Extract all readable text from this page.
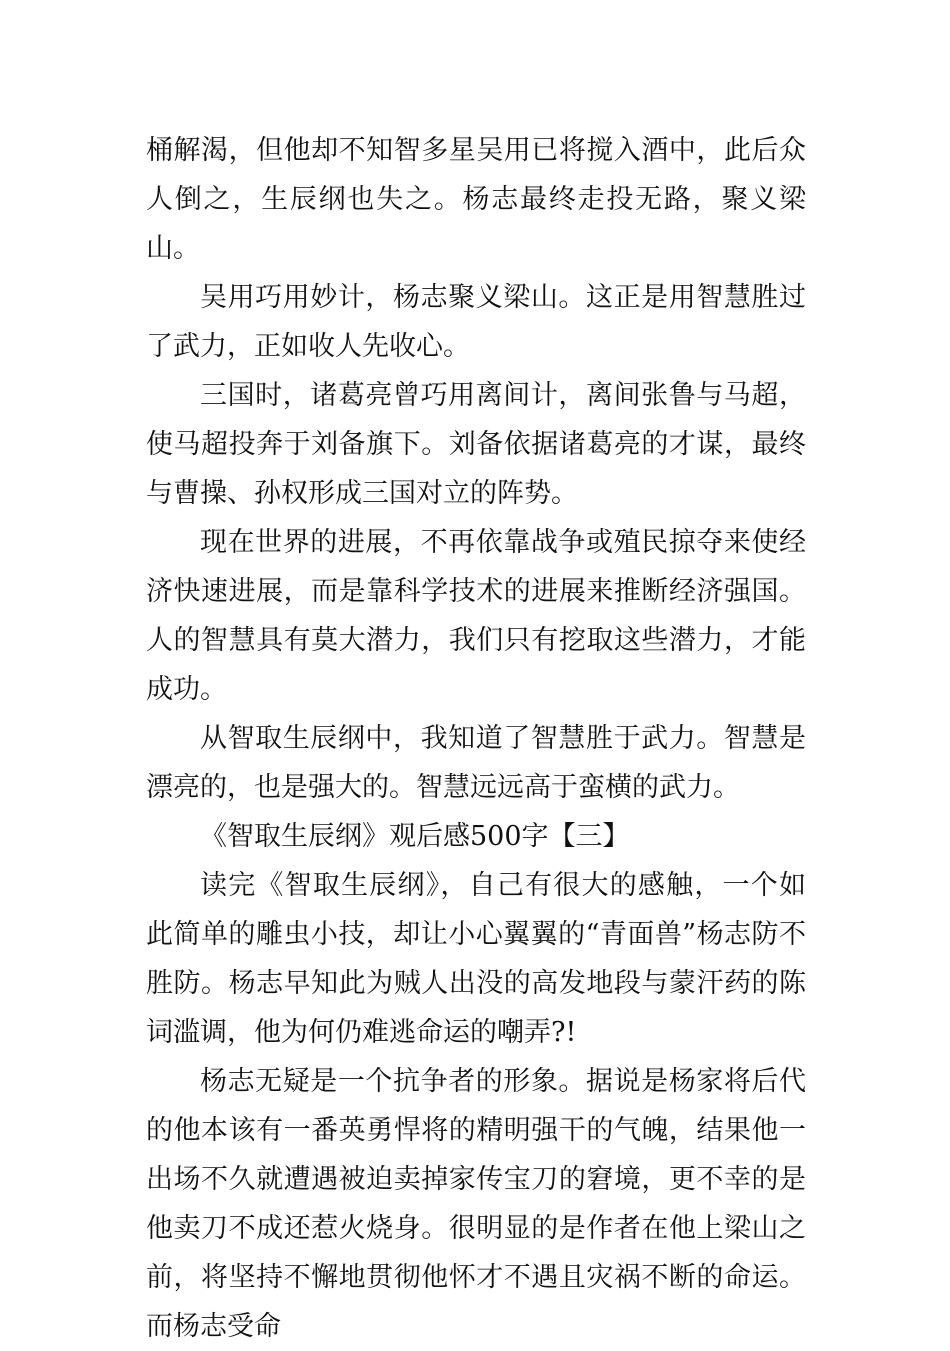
桶解渴，但他却不知智多星吴用已将搅入酒中，此后众人倒之，生辰纲也失之。杨志最终走投无路，聚义梁山。

吴用巧用妙计，杨志聚义梁山。这正是用智慧胜过了武力，正如收人先收心。

三国时，诸葛亮曾巧用离间计，离间张鲁与马超，使马超投奔于刘备旗下。刘备依据诸葛亮的才谋，最终与曹操、孙权形成三国对立的阵势。

现在世界的进展，不再依靠战争或殖民掠夺来使经济快速进展，而是靠科学技术的进展来推断经济强国。人的智慧具有莫大潜力，我们只有挖取这些潜力，才能成功。

从智取生辰纲中，我知道了智慧胜于武力。智慧是漂亮的，也是强大的。智慧远远高于蛮横的武力。

《智取生辰纲》观后感500字【三】

读完《智取生辰纲》，自己有很大的感触，一个如此简单的雕虫小技，却让小心翼翼的“青面兽”杨志防不胜防。杨志早知此为贼人出没的高发地段与蒙汗药的陈词滥调，他为何仍难逃命运的嘲弄?!

杨志无疑是一个抗争者的形象。据说是杨家将后代的他本该有一番英勇悍将的精明强干的气魄，结果他一出场不久就遭遇被迫卖掉家传宝刀的窘境，更不幸的是他卖刀不成还惹火烧身。很明显的是作者在他上梁山之前，将坚持不懈地贯彻他怀才不遇且灾祸不断的命运。而杨志受命
